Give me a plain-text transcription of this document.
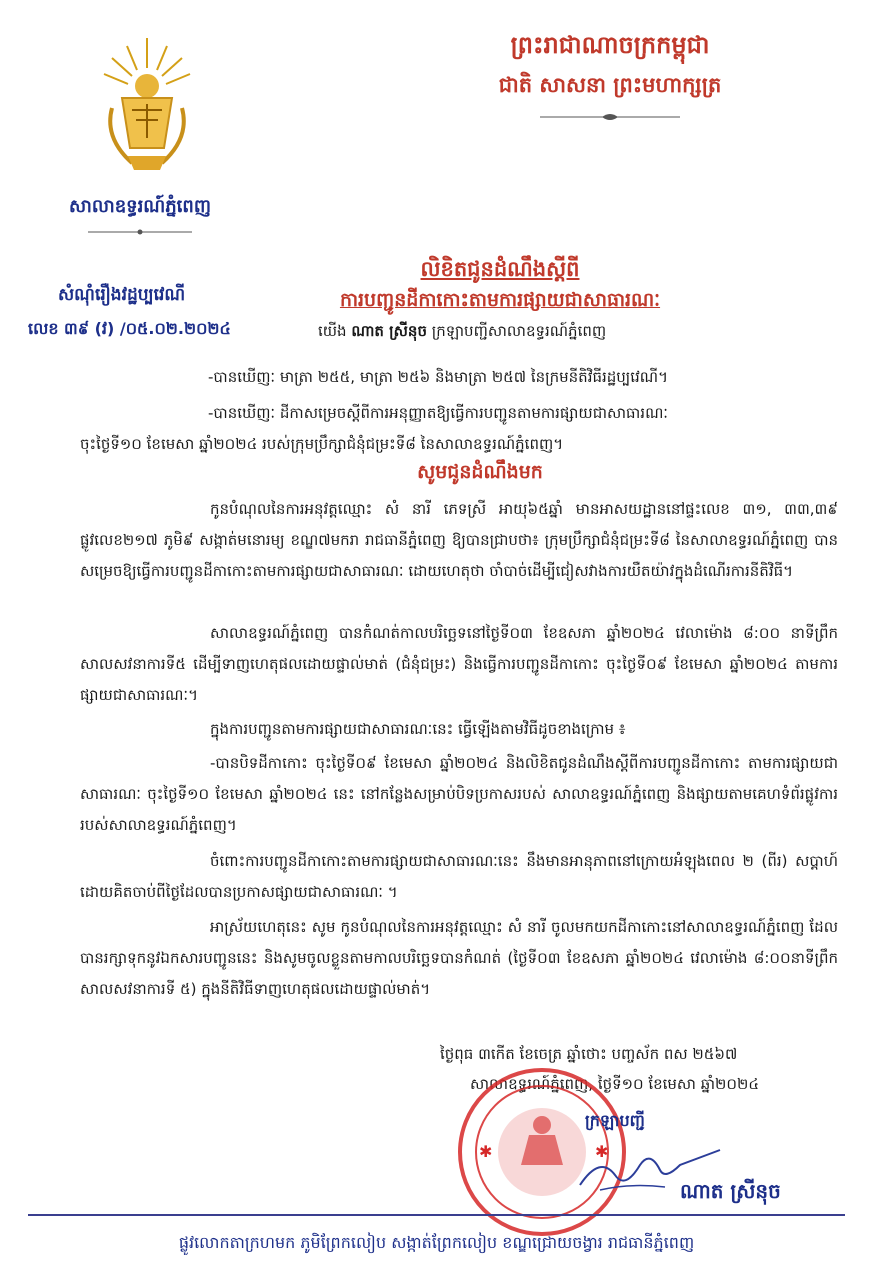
សាលាឧទ្ធរណ៍ភ្នំពេញ
ព្រះរាជាណាចក្រកម្ពុជា
ជាតិ សាសនា ព្រះមហាក្សត្រ
សំណុំរឿងវដ្ឋប្បវេណី
លេខ ៣៩ (វ) /០៥.០២.២០២៤
លិខិតជូនដំណឹងស្តីពី
ការបញ្ជូនដីកាកោះតាមការផ្សាយជាសាធារណៈ
យើង ណាត ស្រីនុច ក្រឡាបញ្ជីសាលាឧទ្ធរណ៍ភ្នំពេញ
-បានឃើញៈ មាត្រា ២៥៥, មាត្រា ២៥៦ និងមាត្រា ២៥៧ នៃក្រមនីតិវិធីរដ្ឋប្បវេណី។
-បានឃើញៈ ដីកាសម្រេចស្តីពីការអនុញ្ញាតឱ្យធ្វើការបញ្ជូនតាមការផ្សាយជាសាធារណៈ
ចុះថ្ងៃទី១០ ខែមេសា ឆ្នាំ២០២៤ របស់ក្រុមប្រឹក្សាជំនុំជម្រះទី៨ នៃសាលាឧទ្ធរណ៍ភ្នំពេញ។
សូមជូនដំណឹងមក
កូនបំណុលនៃការអនុវត្តឈ្មោះ សំ នារី ភេទស្រី អាយុ៦៥ឆ្នាំ មានអាសយដ្ឋាននៅផ្ទះលេខ ៣១, ៣៣,៣៩ ផ្លូវលេខ២១៧ ភូមិ៩ សង្កាត់មនោរម្យ ខណ្ឌ៧មករា រាជធានីភ្នំពេញ ឱ្យបានជ្រាបថា៖ ក្រុមប្រឹក្សាជំនុំជម្រះទី៨ នៃសាលាឧទ្ធរណ៍ភ្នំពេញ បានសម្រេចឱ្យធ្វើការបញ្ជូនដីកាកោះតាមការផ្សាយជាសាធារណៈ ដោយហេតុថា ចាំបាច់ដើម្បីជៀសវាងការយឺតយ៉ាវក្នុងដំណើរការនីតិវិធី។
សាលាឧទ្ធរណ៍ភ្នំពេញ បានកំណត់កាលបរិច្ឆេទនៅថ្ងៃទី០៣ ខែឧសភា ឆ្នាំ២០២៤ វេលាម៉ោង ៨:០០ នាទីព្រឹក សាលសវនាការទី៥ ដើម្បីទាញហេតុផលដោយផ្ទាល់មាត់ (ជំនុំជម្រះ) និងធ្វើការបញ្ជូនដីកាកោះ ចុះថ្ងៃទី០៩ ខែមេសា ឆ្នាំ២០២៤ តាមការផ្សាយជាសាធារណៈ។
ក្នុងការបញ្ជូនតាមការផ្សាយជាសាធារណៈនេះ ធ្វើឡើងតាមវិធីដូចខាងក្រោម ៖
-បានបិទដីកាកោះ ចុះថ្ងៃទី០៩ ខែមេសា ឆ្នាំ២០២៤ និងលិខិតជូនដំណឹងស្តីពីការបញ្ជូនដីកាកោះ តាមការផ្សាយជាសាធារណៈ ចុះថ្ងៃទី១០ ខែមេសា ឆ្នាំ២០២៤ នេះ នៅកន្លែងសម្រាប់បិទប្រកាសរបស់ សាលាឧទ្ធរណ៍ភ្នំពេញ និងផ្សាយតាមគេហទំព័រផ្លូវការរបស់សាលាឧទ្ធរណ៍ភ្នំពេញ។
ចំពោះការបញ្ជូនដីកាកោះតាមការផ្សាយជាសាធារណៈនេះ នឹងមានអានុភាពនៅក្រោយអំឡុងពេល ២ (ពីរ) សប្តាហ៍ ដោយគិតចាប់ពីថ្ងៃដែលបានប្រកាសផ្សាយជាសាធារណៈ ។
អាស្រ័យហេតុនេះ សូម កូនបំណុលនៃការអនុវត្តឈ្មោះ សំ នារី ចូលមកយកដីកាកោះនៅសាលាឧទ្ធរណ៍ភ្នំពេញ ដែលបានរក្សាទុកនូវឯកសារបញ្ជូននេះ និងសូមចូលខ្លួនតាមកាលបរិច្ឆេទបានកំណត់ (ថ្ងៃទី០៣ ខែឧសភា ឆ្នាំ២០២៤ វេលាម៉ោង ៨:០០នាទីព្រឹក សាលសវនាការទី ៥) ក្នុងនីតិវិធីទាញហេតុផលដោយផ្ទាល់មាត់។
ថ្ងៃពុធ ៣កើត ខែចេត្រ ឆ្នាំថោះ បញ្ចស័ក ពស ២៥៦៧
សាលាឧទ្ធរណ៍ភ្នំពេញ, ថ្ងៃទី១០ ខែមេសា ឆ្នាំ២០២៤
✱	✱
ក្រឡាបញ្ជី
ណាត ស្រីនុច
ផ្លូវលោកតាក្រហមក ភូមិព្រែកលៀប សង្កាត់ព្រែកលៀប ខណ្ឌជ្រោយចង្វារ រាជធានីភ្នំពេញ
